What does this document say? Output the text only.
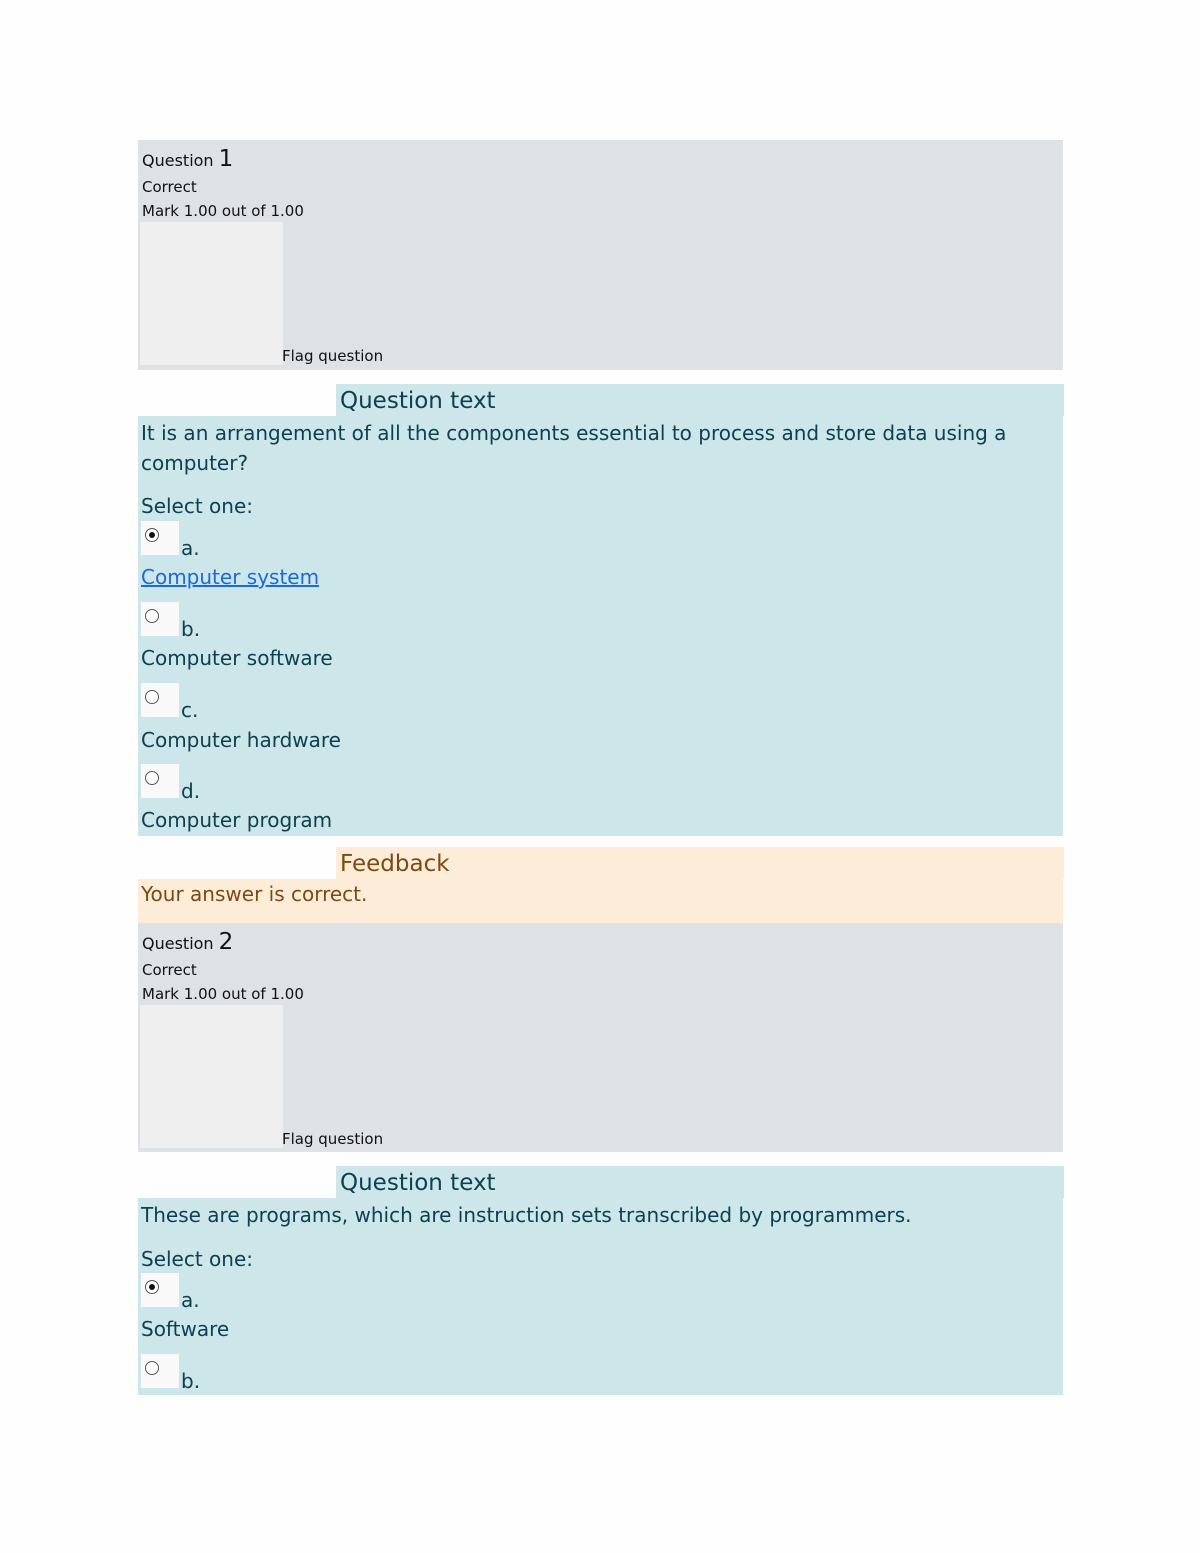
Question 1
Correct
Mark 1.00 out of 1.00
Flag question
Question text
It is an arrangement of all the components essential to process and store data using a computer?
Select one:
a.
Computer system
b.
Computer software
c.
Computer hardware
d.
Computer program
Feedback
Your answer is correct.
Question 2
Correct
Mark 1.00 out of 1.00
Flag question
Question text
These are programs, which are instruction sets transcribed by programmers.
Select one:
a.
Software
b.
